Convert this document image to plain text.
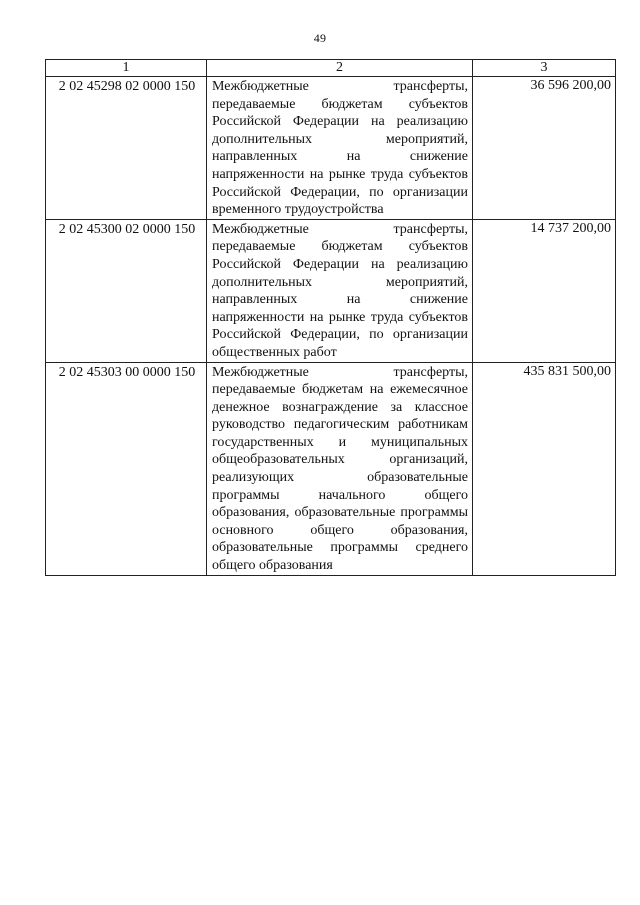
49
1	2	3
2 02 45298 02 0000 150	Межбюджетные трансферты, передаваемые бюджетам субъектов Российской Федерации на реализацию дополнительных мероприятий, направленных на снижение напряженности на рынке труда субъектов Российской Федерации, по организации временного трудоустройства	36 596 200,00
2 02 45300 02 0000 150	Межбюджетные трансферты, передаваемые бюджетам субъектов Российской Федерации на реализацию дополнительных мероприятий, направленных на снижение напряженности на рынке труда субъектов Российской Федерации, по организации общественных работ	14 737 200,00
2 02 45303 00 0000 150	Межбюджетные трансферты, передаваемые бюджетам на ежемесячное денежное вознаграждение за классное руководство педагогическим работникам государственных и муниципальных общеобразовательных организаций, реализующих образовательные программы начального общего образования, образовательные программы основного общего образования, образовательные программы среднего общего образования	435 831 500,00
